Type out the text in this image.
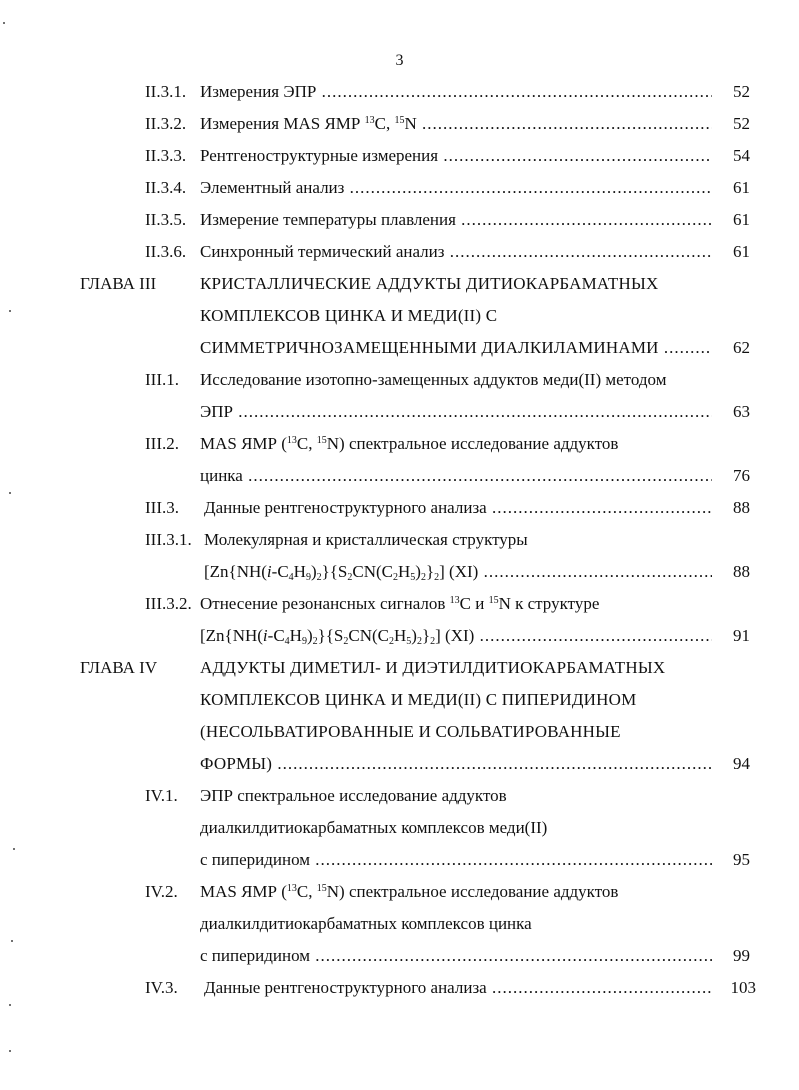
3
II.3.1. Измерения ЭПР .....	52
II.3.2. Измерения MAS ЯМР $^{13}$C, $^{15}$N .....	52
II.3.3. Рентгеноструктурные измерения .....	54
II.3.4. Элементный анализ .....	61
II.3.5. Измерение температуры плавления .....	61
II.3.6. Синхронный термический анализ .....	61
ГЛАВА III	КРИСТАЛЛИЧЕСКИЕ АДДУКТЫ ДИТИОКАРБАМАТНЫХ
КОМПЛЕКСОВ ЦИНКА И МЕДИ(II) С
СИММЕТРИЧНОЗАМЕЩЕННЫМИ ДИАЛКИЛАМИНАМИ .....	62
III.1. Исследование изотопно-замещенных аддуктов меди(II) методом
ЭПР .....	63
III.2. MAS ЯМР ($^{13}$C, $^{15}$N) спектральное исследование аддуктов
цинка .....	76
III.3. Данные рентгеноструктурного анализа .....	88
III.3.1. Молекулярная и кристаллическая структуры
$[Zn\{NH(i-C_4H_9)_2\}\{S_2CN(C_2H_5)_2\}_2]$ (XI) .....	88
III.3.2. Отнесение резонансных сигналов $^{13}$C и $^{15}$N к структуре
$[Zn\{NH(i-C_4H_9)_2\}\{S_2CN(C_2H_5)_2\}_2]$ (XI) .....	91
ГЛАВА IV	АДДУКТЫ ДИМЕТИЛ- И ДИЭТИЛДИТИОКАРБАМАТНЫХ
КОМПЛЕКСОВ ЦИНКА И МЕДИ(II) С ПИПЕРИДИНОМ
(НЕСОЛЬВАТИРОВАННЫЕ И СОЛЬВАТИРОВАННЫЕ
ФОРМЫ) .....	94
IV.1. ЭПР спектральное исследование аддуктов
диалкилдитиокарбаматных комплексов меди(II)
с пиперидином .....	95
IV.2. MAS ЯМР ($^{13}$C, $^{15}$N) спектральное исследование аддуктов
диалкилдитиокарбаматных комплексов цинка
с пиперидином .....	99
IV.3. Данные рентгеноструктурного анализа .....	103
